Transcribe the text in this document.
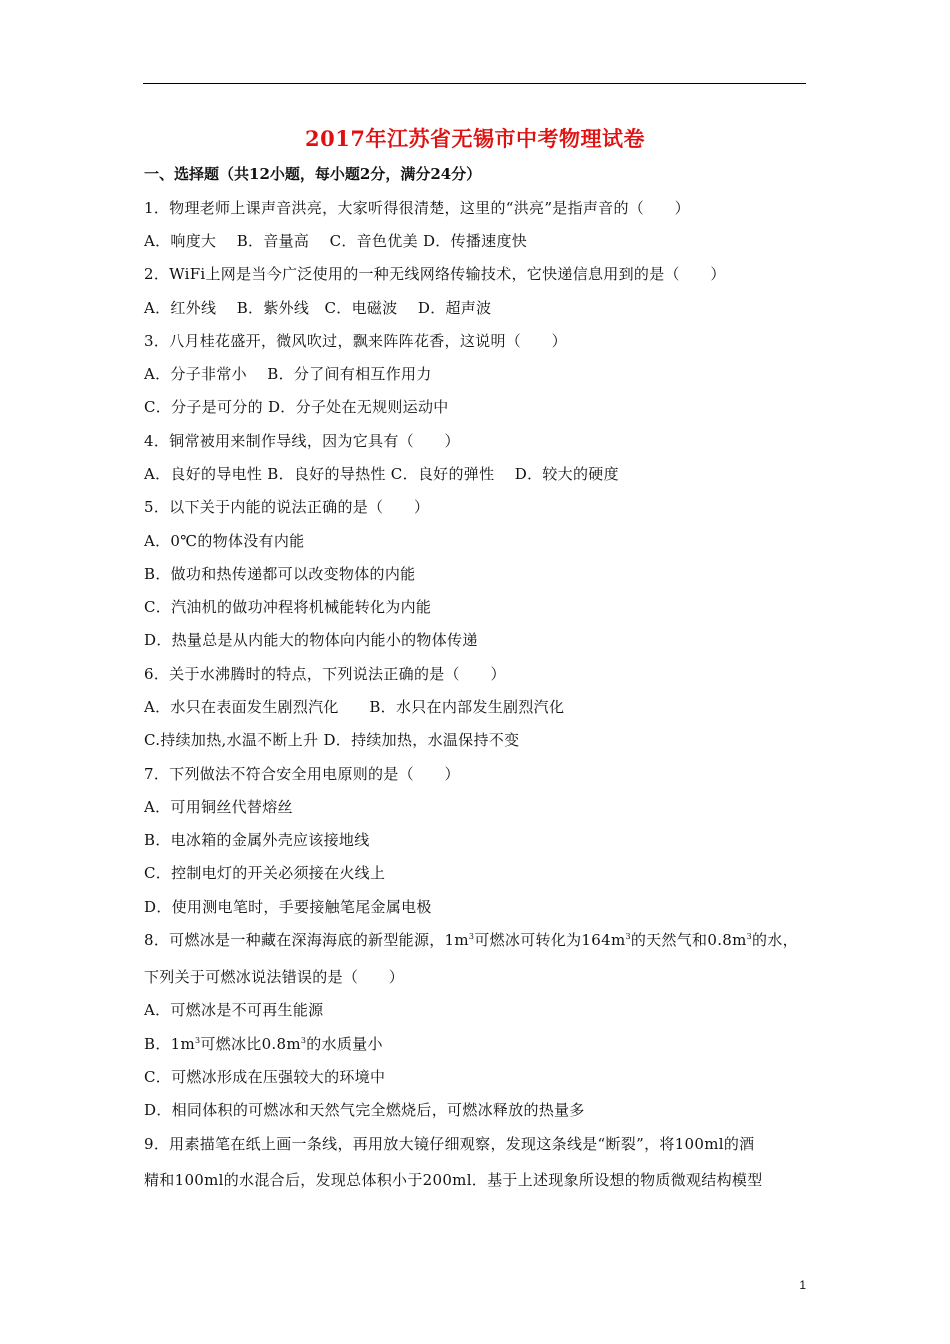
2017年江苏省无锡市中考物理试卷
一、选择题（共12小题，每小题2分，满分24分）
1．物理老师上课声音洪亮，大家听得很清楚，这里的“洪亮”是指声音的（　　）
A．响度大　 B．音量高　 C．音色优美 D．传播速度快
2．WiFi上网是当今广泛使用的一种无线网络传输技术，它快递信息用到的是（　　）
A．红外线　 B．紫外线　C．电磁波　 D．超声波
3．八月桂花盛开，微风吹过，飘来阵阵花香，这说明（　　）
A．分子非常小　 B．分了间有相互作用力
C．分子是可分的 D．分子处在无规则运动中
4．铜常被用来制作导线，因为它具有（　　）
A．良好的导电性 B．良好的导热性 C．良好的弹性　 D．较大的硬度
5．以下关于内能的说法正确的是（　　）
A．0℃的物体没有内能
B．做功和热传递都可以改变物体的内能
C．汽油机的做功冲程将机械能转化为内能
D．热量总是从内能大的物体向内能小的物体传递
6．关于水沸腾时的特点，下列说法正确的是（　　）
A．水只在表面发生剧烈汽化　　B．水只在内部发生剧烈汽化
C.持续加热,水温不断上升 D．持续加热，水温保持不变
7．下列做法不符合安全用电原则的是（　　）
A．可用铜丝代替熔丝
B．电冰箱的金属外壳应该接地线
C．控制电灯的开关必须接在火线上
D．使用测电笔时，手要接触笔尾金属电极
8．可燃冰是一种藏在深海海底的新型能源，$1m^3$可燃冰可转化为$164m^3$的天然气和$0.8m^3$的水，
下列关于可燃冰说法错误的是（　　）
A．可燃冰是不可再生能源
B．$1m^3$可燃冰比$0.8m^3$的水质量小
C．可燃冰形成在压强较大的环境中
D．相同体积的可燃冰和天然气完全燃烧后，可燃冰释放的热量多
9．用素描笔在纸上画一条线，再用放大镜仔细观察，发现这条线是“断裂”，将100ml的酒
精和100ml的水混合后，发现总体积小于200ml．基于上述现象所设想的物质微观结构模型
1
